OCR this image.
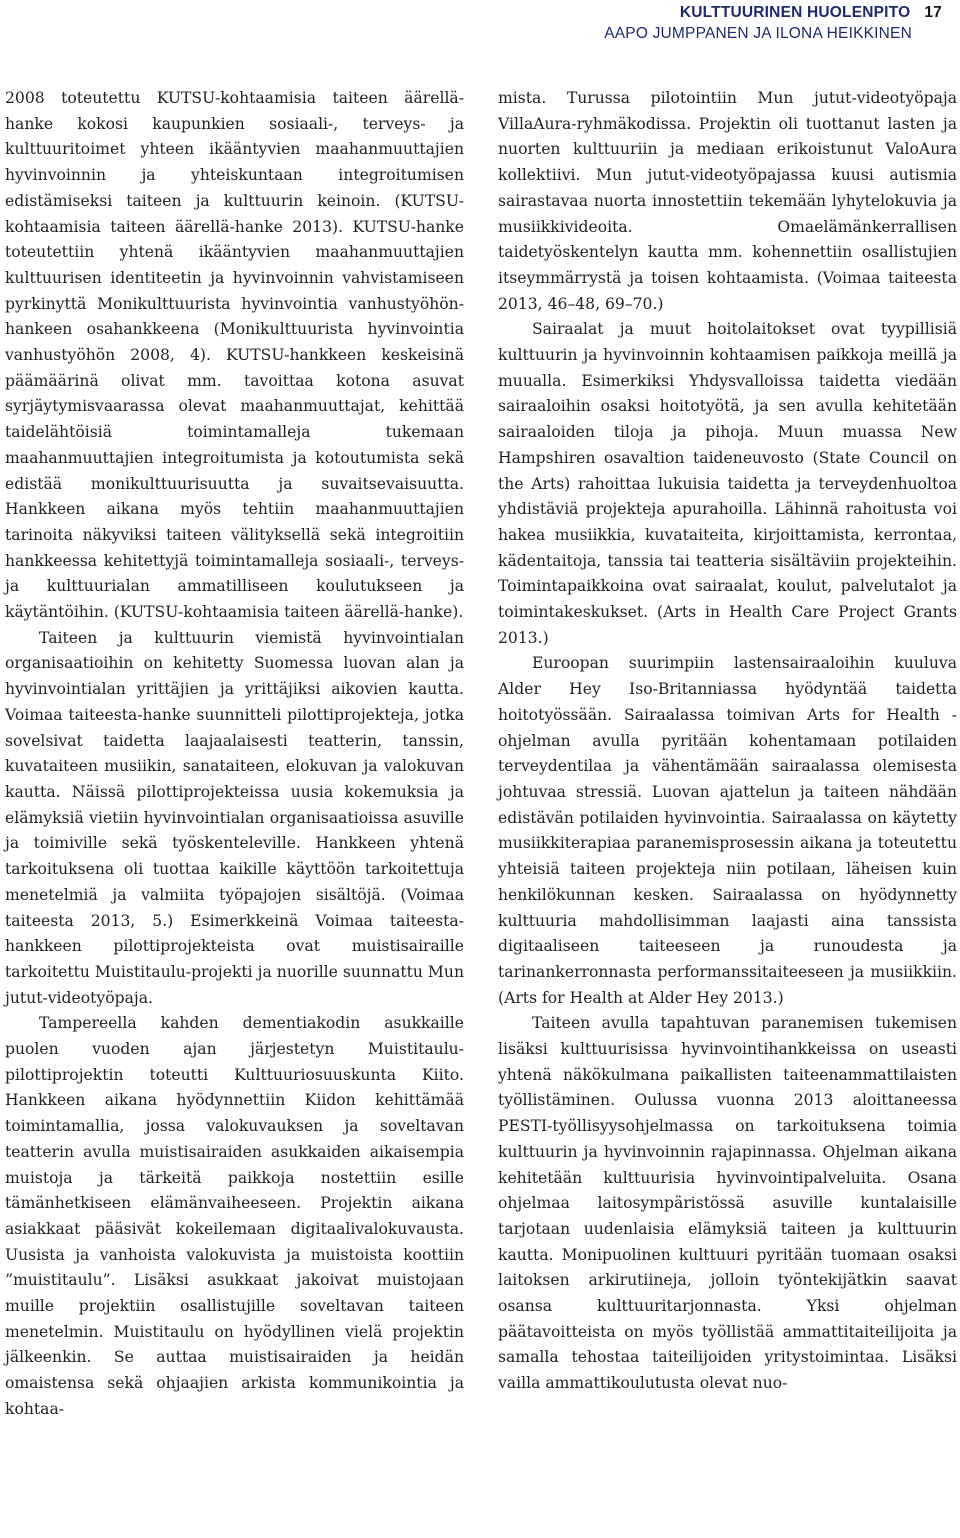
KULTTUURINEN HUOLENPITO 17
AAPO JUMPPANEN JA ILONA HEIKKINEN

2008 toteutettu KUTSU-kohtaamisia taiteen äärellä-hanke kokosi kaupunkien sosiaali-, terveys- ja kulttuuritoimet yhteen ikääntyvien maahanmuuttajien hyvinvoinnin ja yhteiskuntaan integroitumisen edistämiseksi taiteen ja kulttuurin keinoin. (KUTSU-kohtaamisia taiteen äärellä-hanke 2013). KUTSU-hanke toteutettiin yhtenä ikääntyvien maahanmuuttajien kulttuurisen identiteetin ja hyvinvoinnin vahvistamiseen pyrkinyttä Monikulttuurista hyvinvointia vanhustyöhön-hankeen osahankkeena (Monikulttuurista hyvinvointia vanhustyöhön 2008, 4). KUTSU-hankkeen keskeisinä päämäärinä olivat mm. tavoittaa kotona asuvat syrjäytymisvaarassa olevat maahanmuuttajat, kehittää taidelähtöisiä toimintamalleja tukemaan maahanmuuttajien integroitumista ja kotoutumista sekä edistää monikulttuurisuutta ja suvaitsevaisuutta. Hankkeen aikana myös tehtiin maahanmuuttajien tarinoita näkyviksi taiteen välityksellä sekä integroitiin hankkeessa kehitettyjä toimintamalleja sosiaali-, terveys- ja kulttuurialan ammatilliseen koulutukseen ja käytäntöihin. (KUTSU-kohtaamisia taiteen äärellä-hanke).

Taiteen ja kulttuurin viemistä hyvinvointialan organisaatioihin on kehitetty Suomessa luovan alan ja hyvinvointialan yrittäjien ja yrittäjiksi aikovien kautta. Voimaa taiteesta-hanke suunnitteli pilottiprojekteja, jotka sovelsivat taidetta laajaalaisesti teatterin, tanssin, kuvataiteen musiikin, sanataiteen, elokuvan ja valokuvan kautta. Näissä pilottiprojekteissa uusia kokemuksia ja elämyksiä vietiin hyvinvointialan organisaatioissa asuville ja toimiville sekä työskenteleville. Hankkeen yhtenä tarkoituksena oli tuottaa kaikille käyttöön tarkoitettuja menetelmiä ja valmiita työpajojen sisältöjä. (Voimaa taiteesta 2013, 5.) Esimerkkeinä Voimaa taiteesta-hankkeen pilottiprojekteista ovat muistisairaille tarkoitettu Muistitaulu-projekti ja nuorille suunnattu Mun jutut-videotyöpaja.

Tampereella kahden dementiakodin asukkaille puolen vuoden ajan järjestetyn Muistitaulu-pilottiprojektin toteutti Kulttuuriosuuskunta Kiito. Hankkeen aikana hyödynnettiin Kiidon kehittämää toimintamallia, jossa valokuvauksen ja soveltavan teatterin avulla muistisairaiden asukkaiden aikaisempia muistoja ja tärkeitä paikkoja nostettiin esille tämänhetkiseen elämänvaiheeseen. Projektin aikana asiakkaat pääsivät kokeilemaan digitaalivalokuvausta. Uusista ja vanhoista valokuvista ja muistoista koottiin ”muistitaulu”. Lisäksi asukkaat jakoivat muistojaan muille projektiin osallistujille soveltavan taiteen menetelmin. Muistitaulu on hyödyllinen vielä projektin jälkeenkin. Se auttaa muistisairaiden ja heidän omaistensa sekä ohjaajien arkista kommunikointia ja kohtaa-

mista. Turussa pilotointiin Mun jutut-videotyöpaja VillaAura-ryhmäkodissa. Projektin oli tuottanut lasten ja nuorten kulttuuriin ja mediaan erikoistunut ValoAura kollektiivi. Mun jutut-videotyöpajassa kuusi autismia sairastavaa nuorta innostettiin tekemään lyhytelokuvia ja musiikkivideoita. Omaelämänkerrallisen taidetyöskentelyn kautta mm. kohennettiin osallistujien itseymmärrystä ja toisen kohtaamista. (Voimaa taiteesta 2013, 46–48, 69–70.)

Sairaalat ja muut hoitolaitokset ovat tyypillisiä kulttuurin ja hyvinvoinnin kohtaamisen paikkoja meillä ja muualla. Esimerkiksi Yhdysvalloissa taidetta viedään sairaaloihin osaksi hoitotyötä, ja sen avulla kehitetään sairaaloiden tiloja ja pihoja. Muun muassa New Hampshiren osavaltion taideneuvosto (State Council on the Arts) rahoittaa lukuisia taidetta ja terveydenhuoltoa yhdistäviä projekteja apurahoilla. Lähinnä rahoitusta voi hakea musiikkia, kuvataiteita, kirjoittamista, kerrontaa, kädentaitoja, tanssia tai teatteria sisältäviin projekteihin. Toimintapaikkoina ovat sairaalat, koulut, palvelutalot ja toimintakeskukset. (Arts in Health Care Project Grants 2013.)

Euroopan suurimpiin lastensairaaloihin kuuluva Alder Hey Iso-Britanniassa hyödyntää taidetta hoitotyössään. Sairaalassa toimivan Arts for Health -ohjelman avulla pyritään kohentamaan potilaiden terveydentilaa ja vähentämään sairaalassa olemisesta johtuvaa stressiä. Luovan ajattelun ja taiteen nähdään edistävän potilaiden hyvinvointia. Sairaalassa on käytetty musiikkiterapiaa paranemisprosessin aikana ja toteutettu yhteisiä taiteen projekteja niin potilaan, läheisen kuin henkilökunnan kesken. Sairaalassa on hyödynnetty kulttuuria mahdollisimman laajasti aina tanssista digitaaliseen taiteeseen ja runoudesta ja tarinankerronnasta performanssitaiteeseen ja musiikkiin. (Arts for Health at Alder Hey 2013.)

Taiteen avulla tapahtuvan paranemisen tukemisen lisäksi kulttuurisissa hyvinvointihankkeissa on useasti yhtenä näkökulmana paikallisten taiteenammattilaisten työllistäminen. Oulussa vuonna 2013 aloittaneessa PESTI-työllisyysohjelmassa on tarkoituksena toimia kulttuurin ja hyvinvoinnin rajapinnassa. Ohjelman aikana kehitetään kulttuurisia hyvinvointipalveluita. Osana ohjelmaa laitosympäristössä asuville kuntalaisille tarjotaan uudenlaisia elämyksiä taiteen ja kulttuurin kautta. Monipuolinen kulttuuri pyritään tuomaan osaksi laitoksen arkirutiineja, jolloin työntekijätkin saavat osansa kulttuuritarjonnasta. Yksi ohjelman päätavoitteista on myös työllistää ammattitaiteilijoita ja samalla tehostaa taiteilijoiden yritystoimintaa. Lisäksi vailla ammattikoulutusta olevat nuo-
